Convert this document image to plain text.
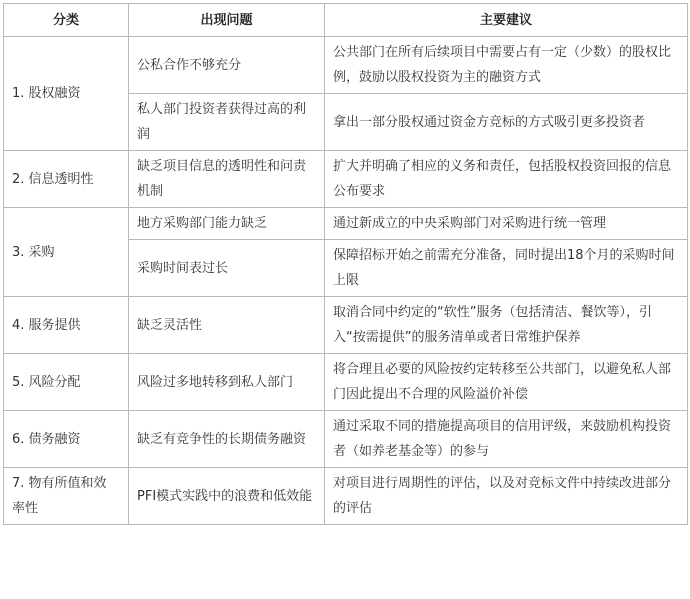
分类	出现问题	主要建议
1. 股权融资	公私合作不够充分	公共部门在所有后续项目中需要占有一定（少数）的股权比例，鼓励以股权投资为主的融资方式
	私人部门投资者获得过高的利润	拿出一部分股权通过资金方竞标的方式吸引更多投资者
2. 信息透明性	缺乏项目信息的透明性和问责机制	扩大并明确了相应的义务和责任，包括股权投资回报的信息公布要求
3. 采购	地方采购部门能力缺乏	通过新成立的中央采购部门对采购进行统一管理
	采购时间表过长	保障招标开始之前需充分准备，同时提出18个月的采购时间上限
4. 服务提供	缺乏灵活性	取消合同中约定的“软性”服务（包括清洁、餐饮等），引入“按需提供”的服务清单或者日常维护保养
5. 风险分配	风险过多地转移到私人部门	将合理且必要的风险按约定转移至公共部门，以避免私人部门因此提出不合理的风险溢价补偿
6. 债务融资	缺乏有竞争性的长期债务融资	通过采取不同的措施提高项目的信用评级，来鼓励机构投资者（如养老基金等）的参与
7. 物有所值和效率性	PFI模式实践中的浪费和低效能	对项目进行周期性的评估，以及对竞标文件中持续改进部分的评估
